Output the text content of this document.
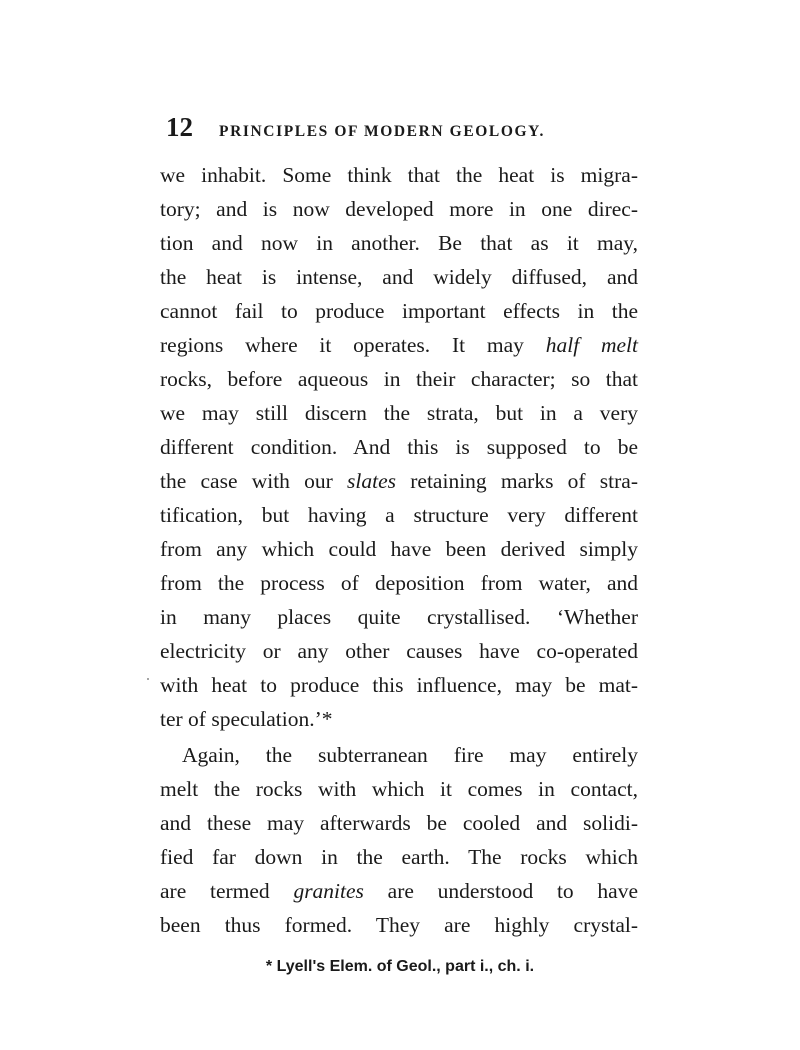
12 PRINCIPLES OF MODERN GEOLOGY.
we inhabit. Some think that the heat is migra-
tory; and is now developed more in one direc-
tion and now in another. Be that as it may,
the heat is intense, and widely diffused, and
cannot fail to produce important effects in the
regions where it operates. It may half melt
rocks, before aqueous in their character; so that
we may still discern the strata, but in a very
different condition. And this is supposed to be
the case with our slates retaining marks of stra-
tification, but having a structure very different
from any which could have been derived simply
from the process of deposition from water, and
in many places quite crystallised. ‘Whether
electricity or any other causes have co-operated
with heat to produce this influence, may be mat-
ter of speculation.’*
Again, the subterranean fire may entirely
melt the rocks with which it comes in contact,
and these may afterwards be cooled and solidi-
fied far down in the earth. The rocks which
are termed granites are understood to have
been thus formed. They are highly crystal-
* Lyell's Elem. of Geol., part i., ch. i.
